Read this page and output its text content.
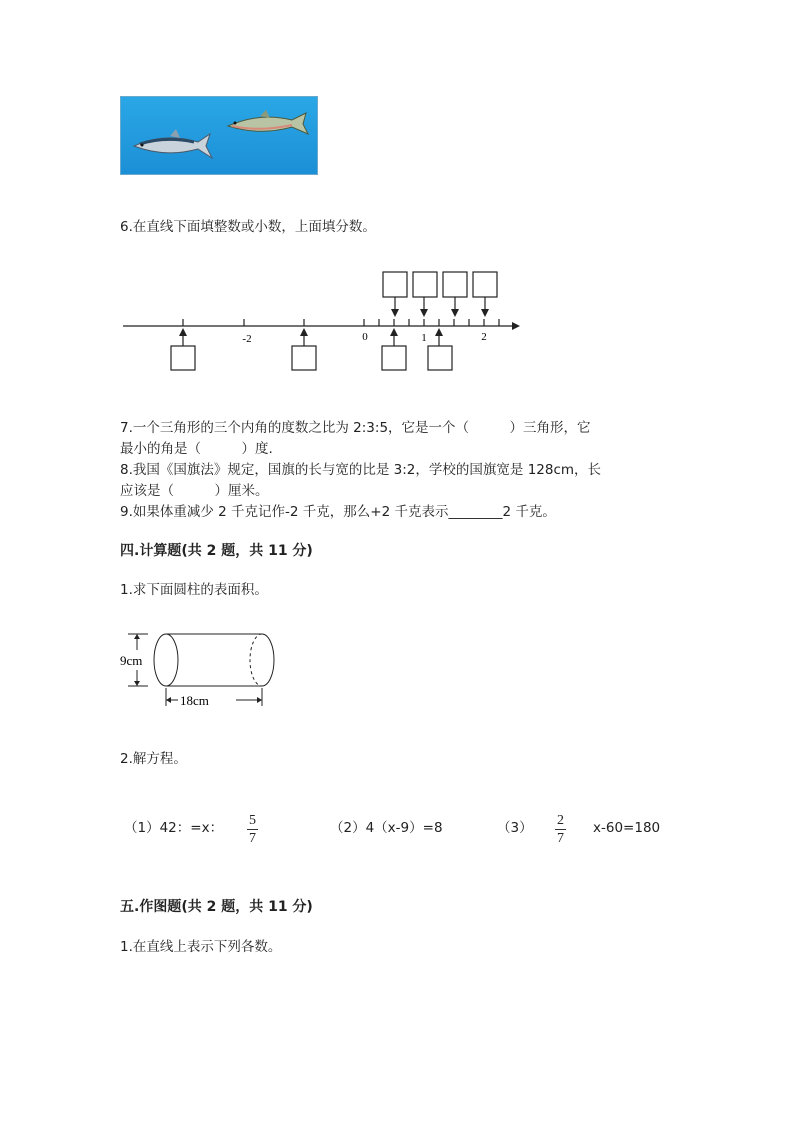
6.在直线下面填整数或小数，上面填分数。
-2	0	1	2
7.一个三角形的三个内角的度数之比为 2:3:5，它是一个（　　　）三角形，它
最小的角是（　　　）度.
8.我国《国旗法》规定，国旗的长与宽的比是 3:2，学校的国旗宽是 128cm，长
应该是（　　　）厘米。
9.如果体重减少 2 千克记作-2 千克，那么+2 千克表示________2 千克。
四.计算题(共 2 题，共 11 分)
1.求下面圆柱的表面积。
9cm
18cm
2.解方程。
（1）42：=x： 5
7
（2）4（x-9）=8	（3） 2
7
x-60=180
五.作图题(共 2 题，共 11 分)
1.在直线上表示下列各数。
